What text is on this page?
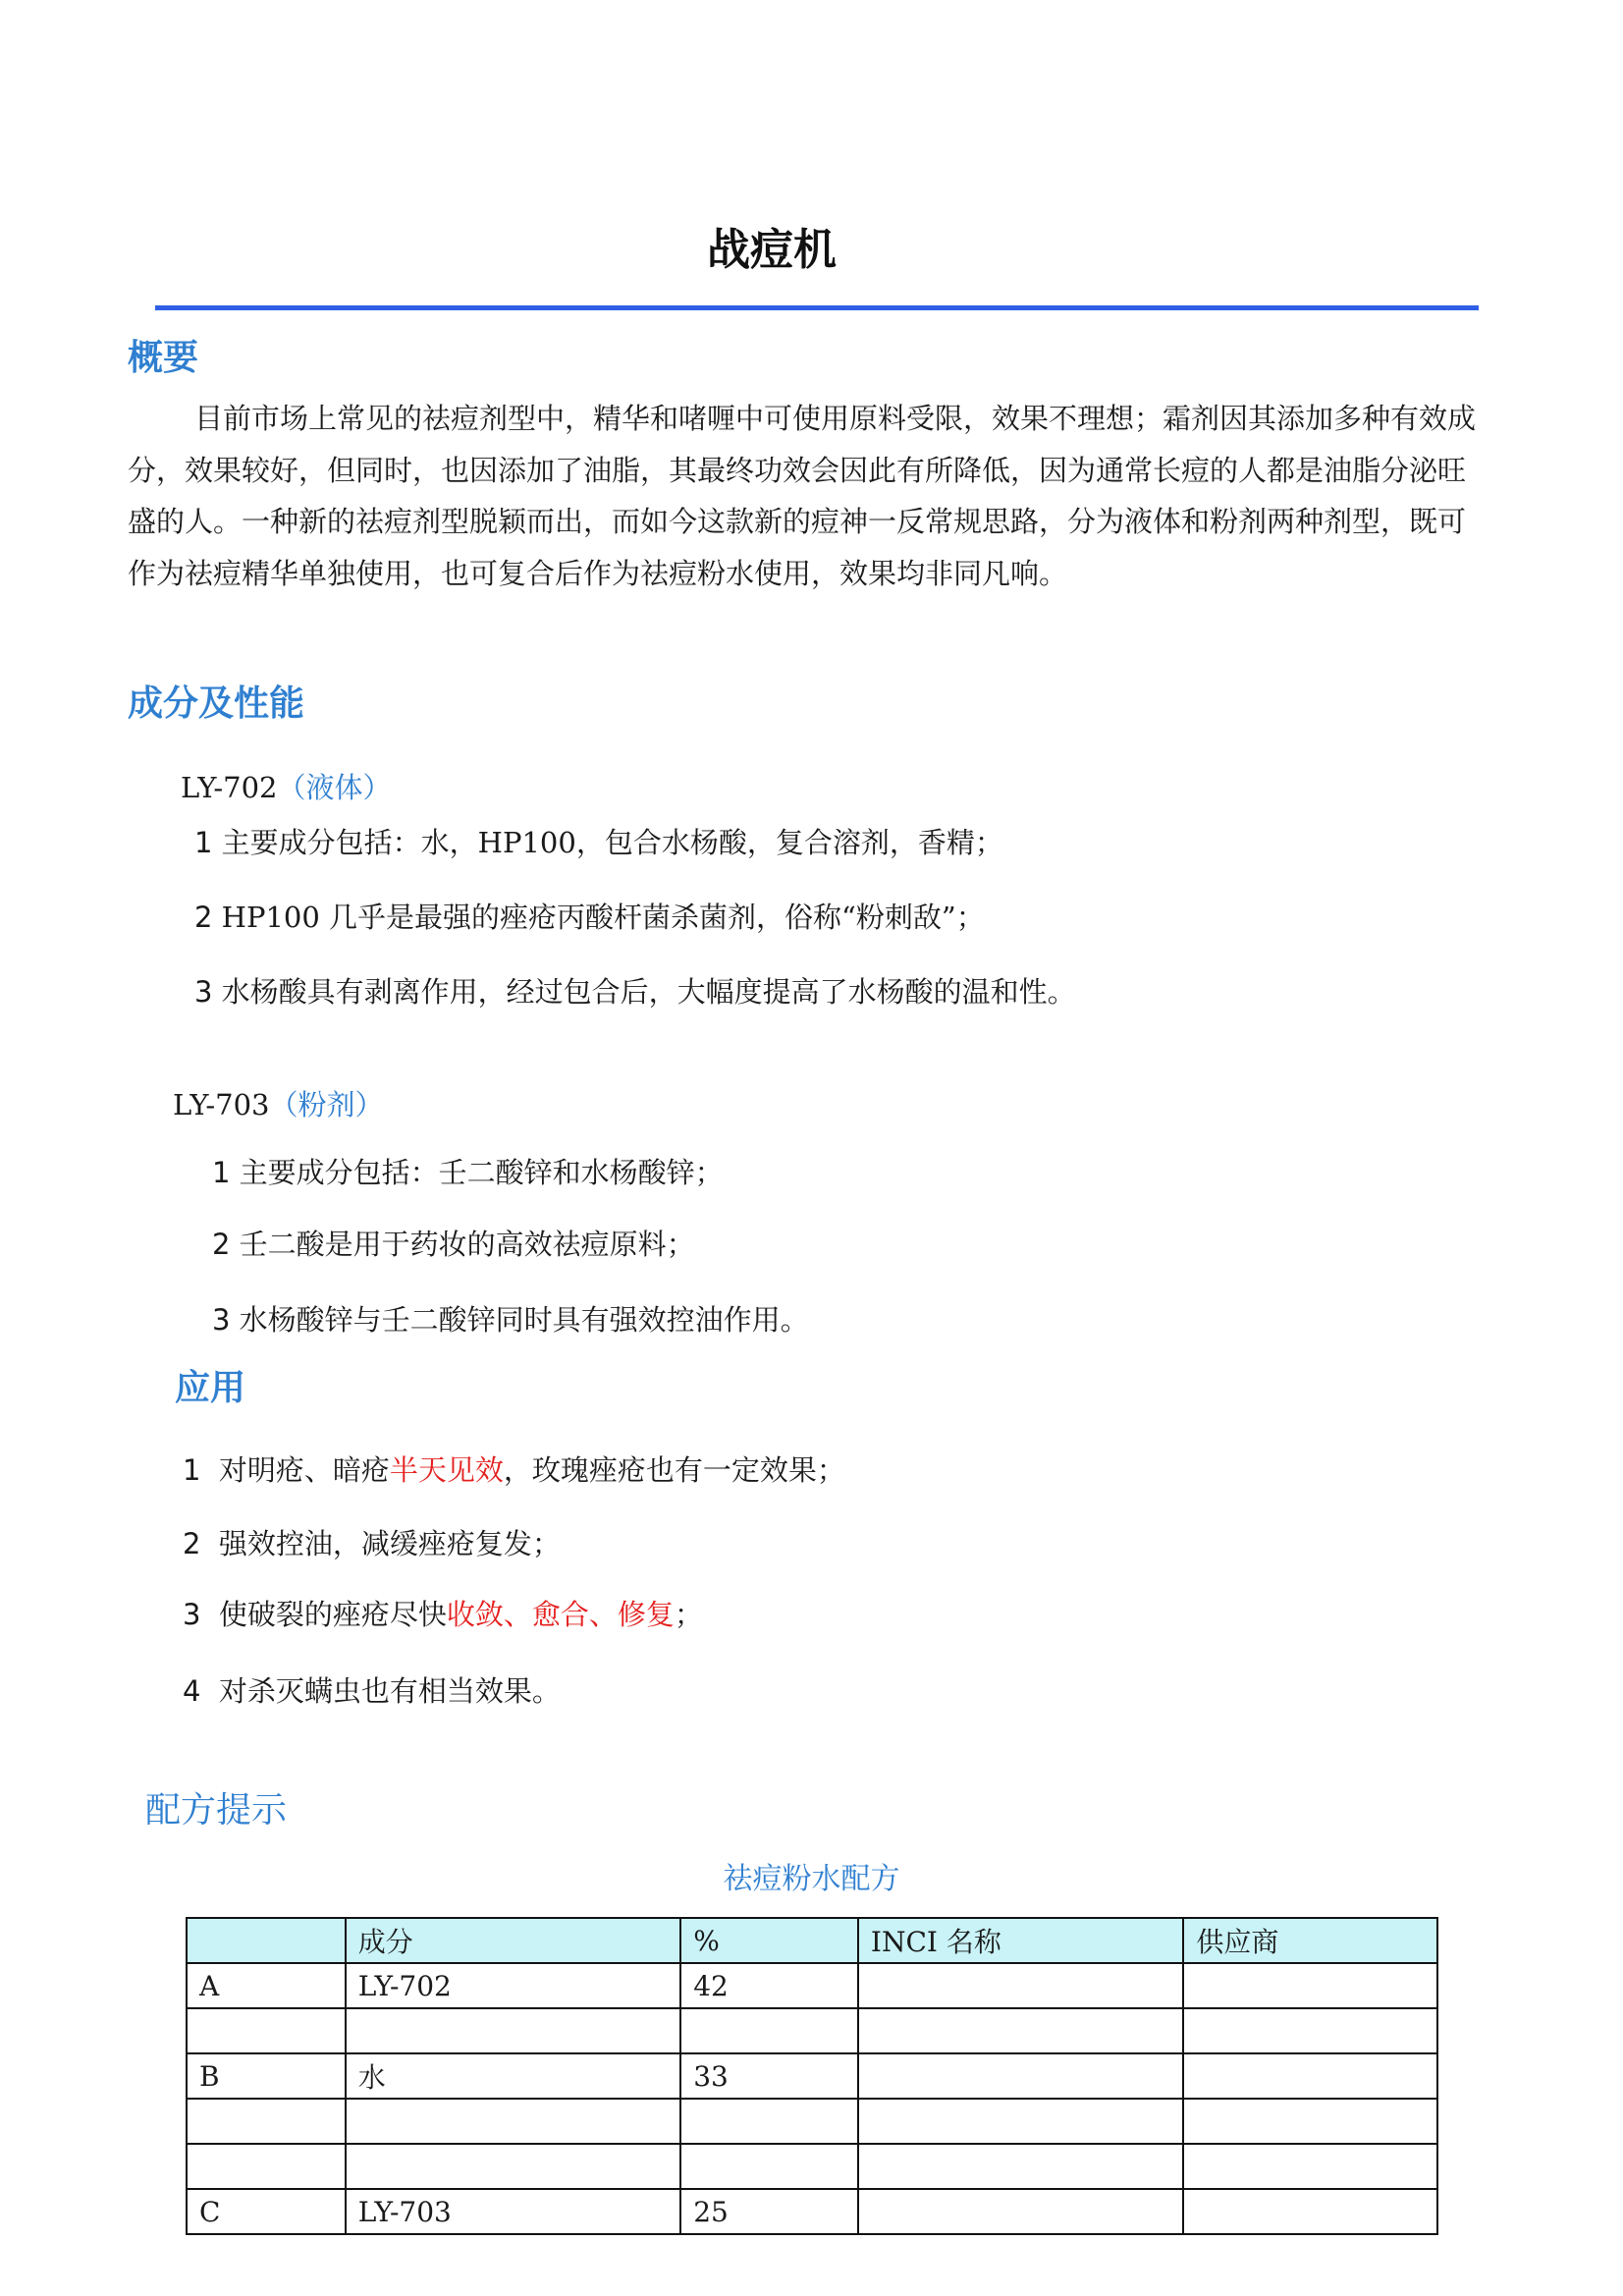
战痘机
概要

目前市场上常见的祛痘剂型中，精华和啫喱中可使用原料受限，效果不理想；霜剂因其添加多种有效成分，效果较好，但同时，也因添加了油脂，其最终功效会因此有所降低，因为通常长痘的人都是油脂分泌旺盛的人。一种新的祛痘剂型脱颖而出，而如今这款新的痘神一反常规思路，分为液体和粉剂两种剂型，既可作为祛痘精华单独使用，也可复合后作为祛痘粉水使用，效果均非同凡响。

成分及性能
LY-702（液体）
1 主要成分包括：水，HP100，包合水杨酸，复合溶剂，香精；
2 HP100 几乎是最强的痤疮丙酸杆菌杀菌剂，俗称“粉刺敌”；
3 水杨酸具有剥离作用，经过包合后，大幅度提高了水杨酸的温和性。
LY-703（粉剂）
1 主要成分包括：壬二酸锌和水杨酸锌；
2 壬二酸是用于药妆的高效祛痘原料；
3 水杨酸锌与壬二酸锌同时具有强效控油作用。
应用
1 对明疮、暗疮半天见效，玫瑰痤疮也有一定效果；
2 强效控油，减缓痤疮复发；
3 使破裂的痤疮尽快收敛、愈合、修复；
4 对杀灭螨虫也有相当效果。
配方提示
祛痘粉水配方
	成分	%	INCI 名称	供应商
A	LY-702	42		

B	水	33		

C	LY-703	25		
